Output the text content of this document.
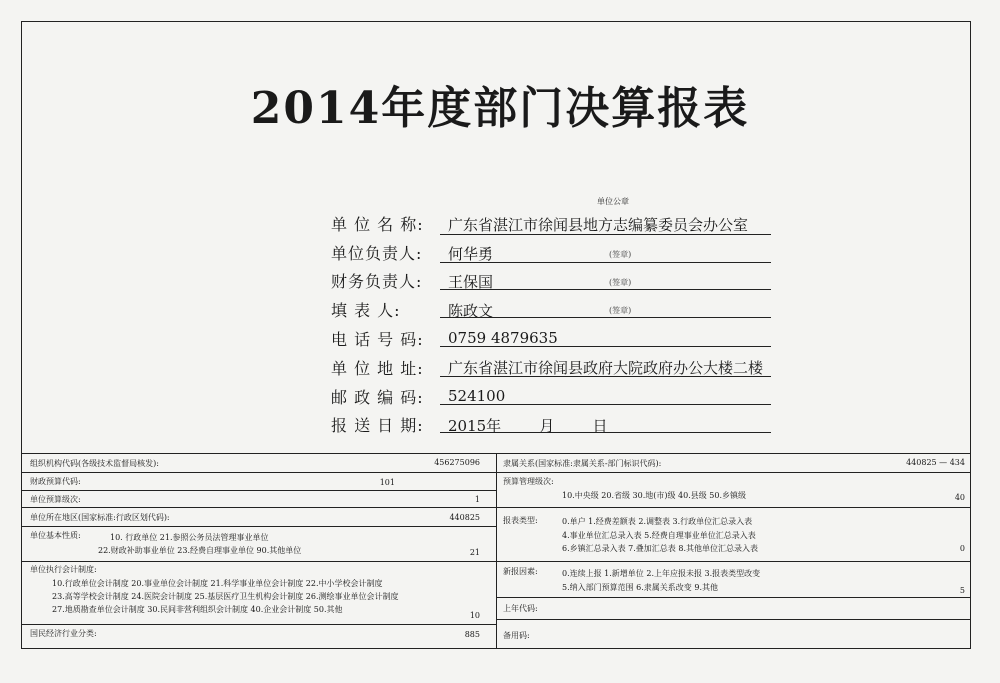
2014年度部门决算报表
单位公章
单 位 名 称: 广东省湛江市徐闻县地方志编纂委员会办公室
单位负责人: 何华勇	(签章)
财务负责人: 王保国	(签章)
填 表 人:	陈政文	(签章)
电 话 号 码: 0759 4879635
单 位 地 址: 广东省湛江市徐闻县政府大院政府办公大楼二楼
邮 政 编 码: 524100
报 送 日 期: 2015年        月        日
组织机构代码(各级技术监督局核发):	456275096
财政预算代码:	101
单位预算级次:	1
单位所在地区(国家标准:行政区划代码):	440825
单位基本性质:	10. 行政单位 21.参照公务员法管理事业单位
22.财政补助事业单位 23.经费自理事业单位 90.其他单位	21
单位执行会计制度:
10.行政单位会计制度 20.事业单位会计制度 21.科学事业单位会计制度 22.中小学校会计制度
23.高等学校会计制度 24.医院会计制度 25.基层医疗卫生机构会计制度 26.测绘事业单位会计制度
27.地质勘查单位会计制度 30.民间非营利组织会计制度 40.企业会计制度 50.其他
10
国民经济行业分类:	885
隶属关系(国家标准:隶属关系-部门标识代码):	440825 — 434
预算管理级次:
10.中央级 20.省级 30.地(市)级 40.县级 50.乡镇级	40
报表类型:	0.单户 1.经费差额表 2.调整表 3.行政单位汇总录入表
4.事业单位汇总录入表 5.经费自理事业单位汇总录入表
6.乡镇汇总录入表 7.叠加汇总表 8.其他单位汇总录入表	0
新报因素:	0.连续上报 1.新增单位 2.上年应报未报 3.报表类型改变
5.纳入部门预算范围 6.隶属关系改变 9.其他	5
上年代码:
备用码:
